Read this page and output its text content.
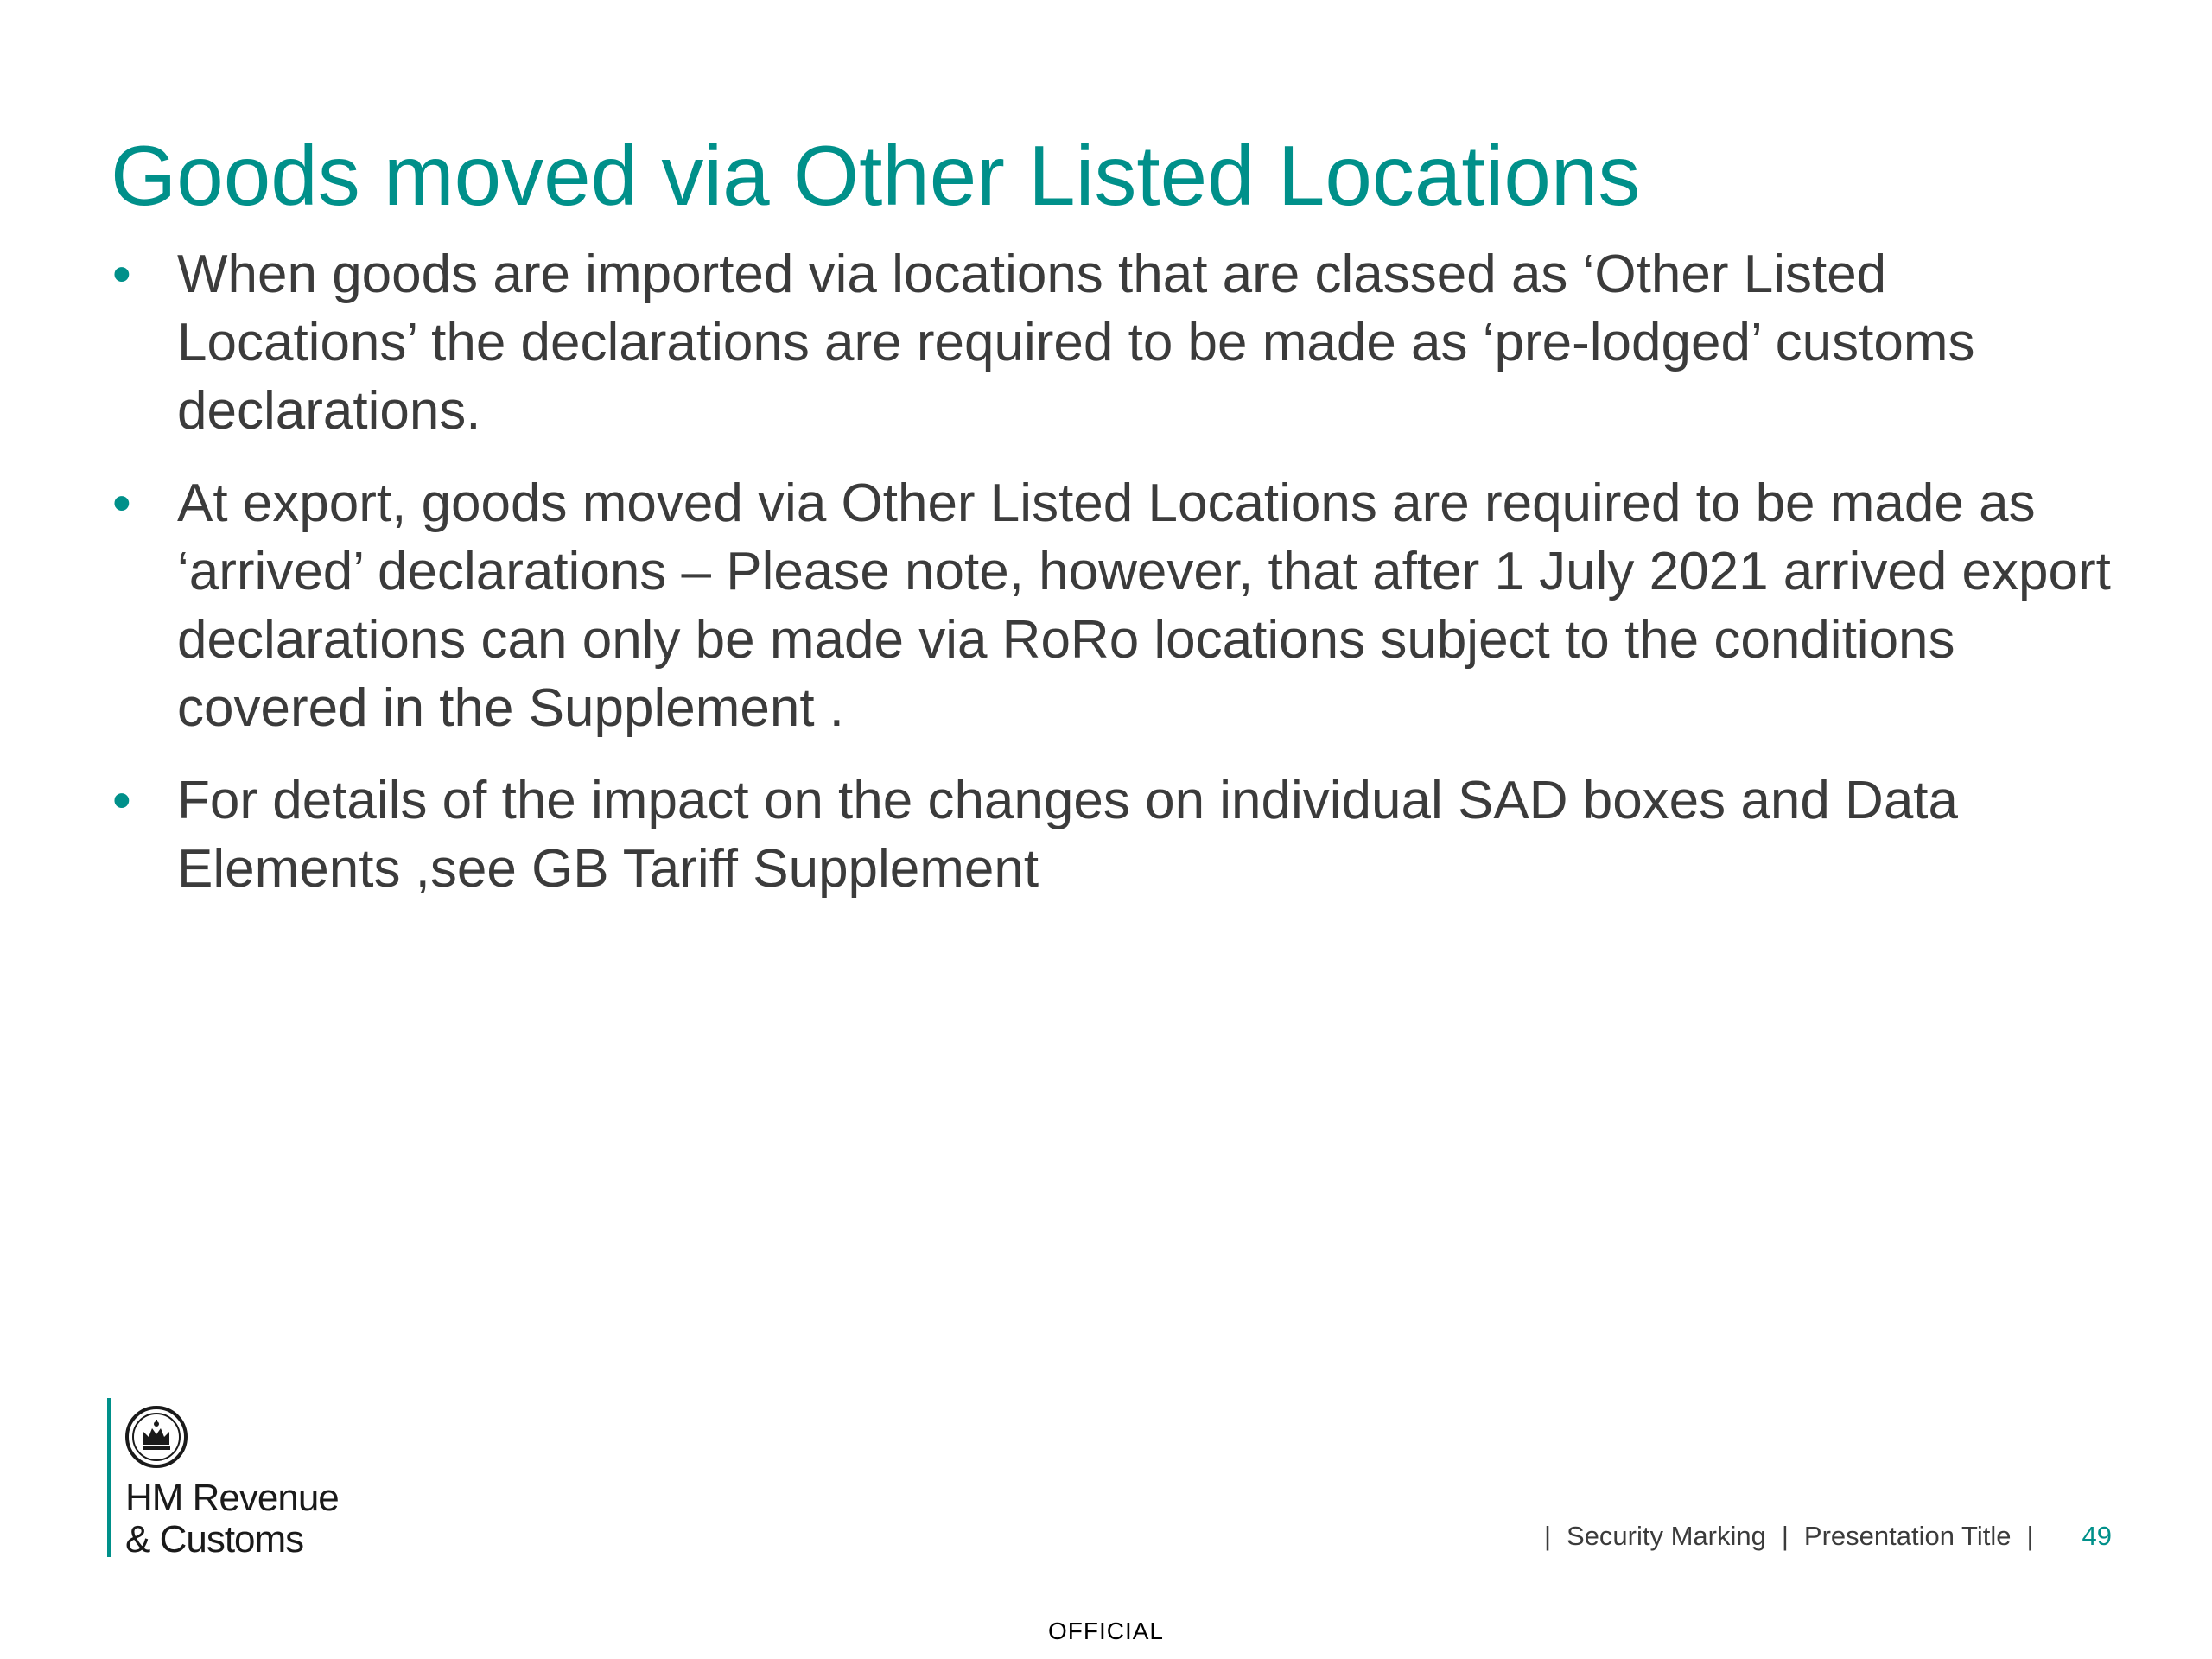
Goods moved via Other Listed Locations
• When goods are imported via locations that are classed as ‘Other Listed Locations’ the declarations are required to be made as ‘pre-lodged’ customs declarations.
• At export, goods moved via Other Listed Locations are required to be made as ‘arrived’ declarations – Please note, however, that after 1 July 2021 arrived export declarations can only be made via RoRo locations subject to the conditions covered in the Supplement .
• For details of the impact on the changes on individual SAD boxes and Data Elements ,see GB Tariff Supplement
HM Revenue
& Customs	| Security Marking | Presentation Title | 49
OFFICIAL
